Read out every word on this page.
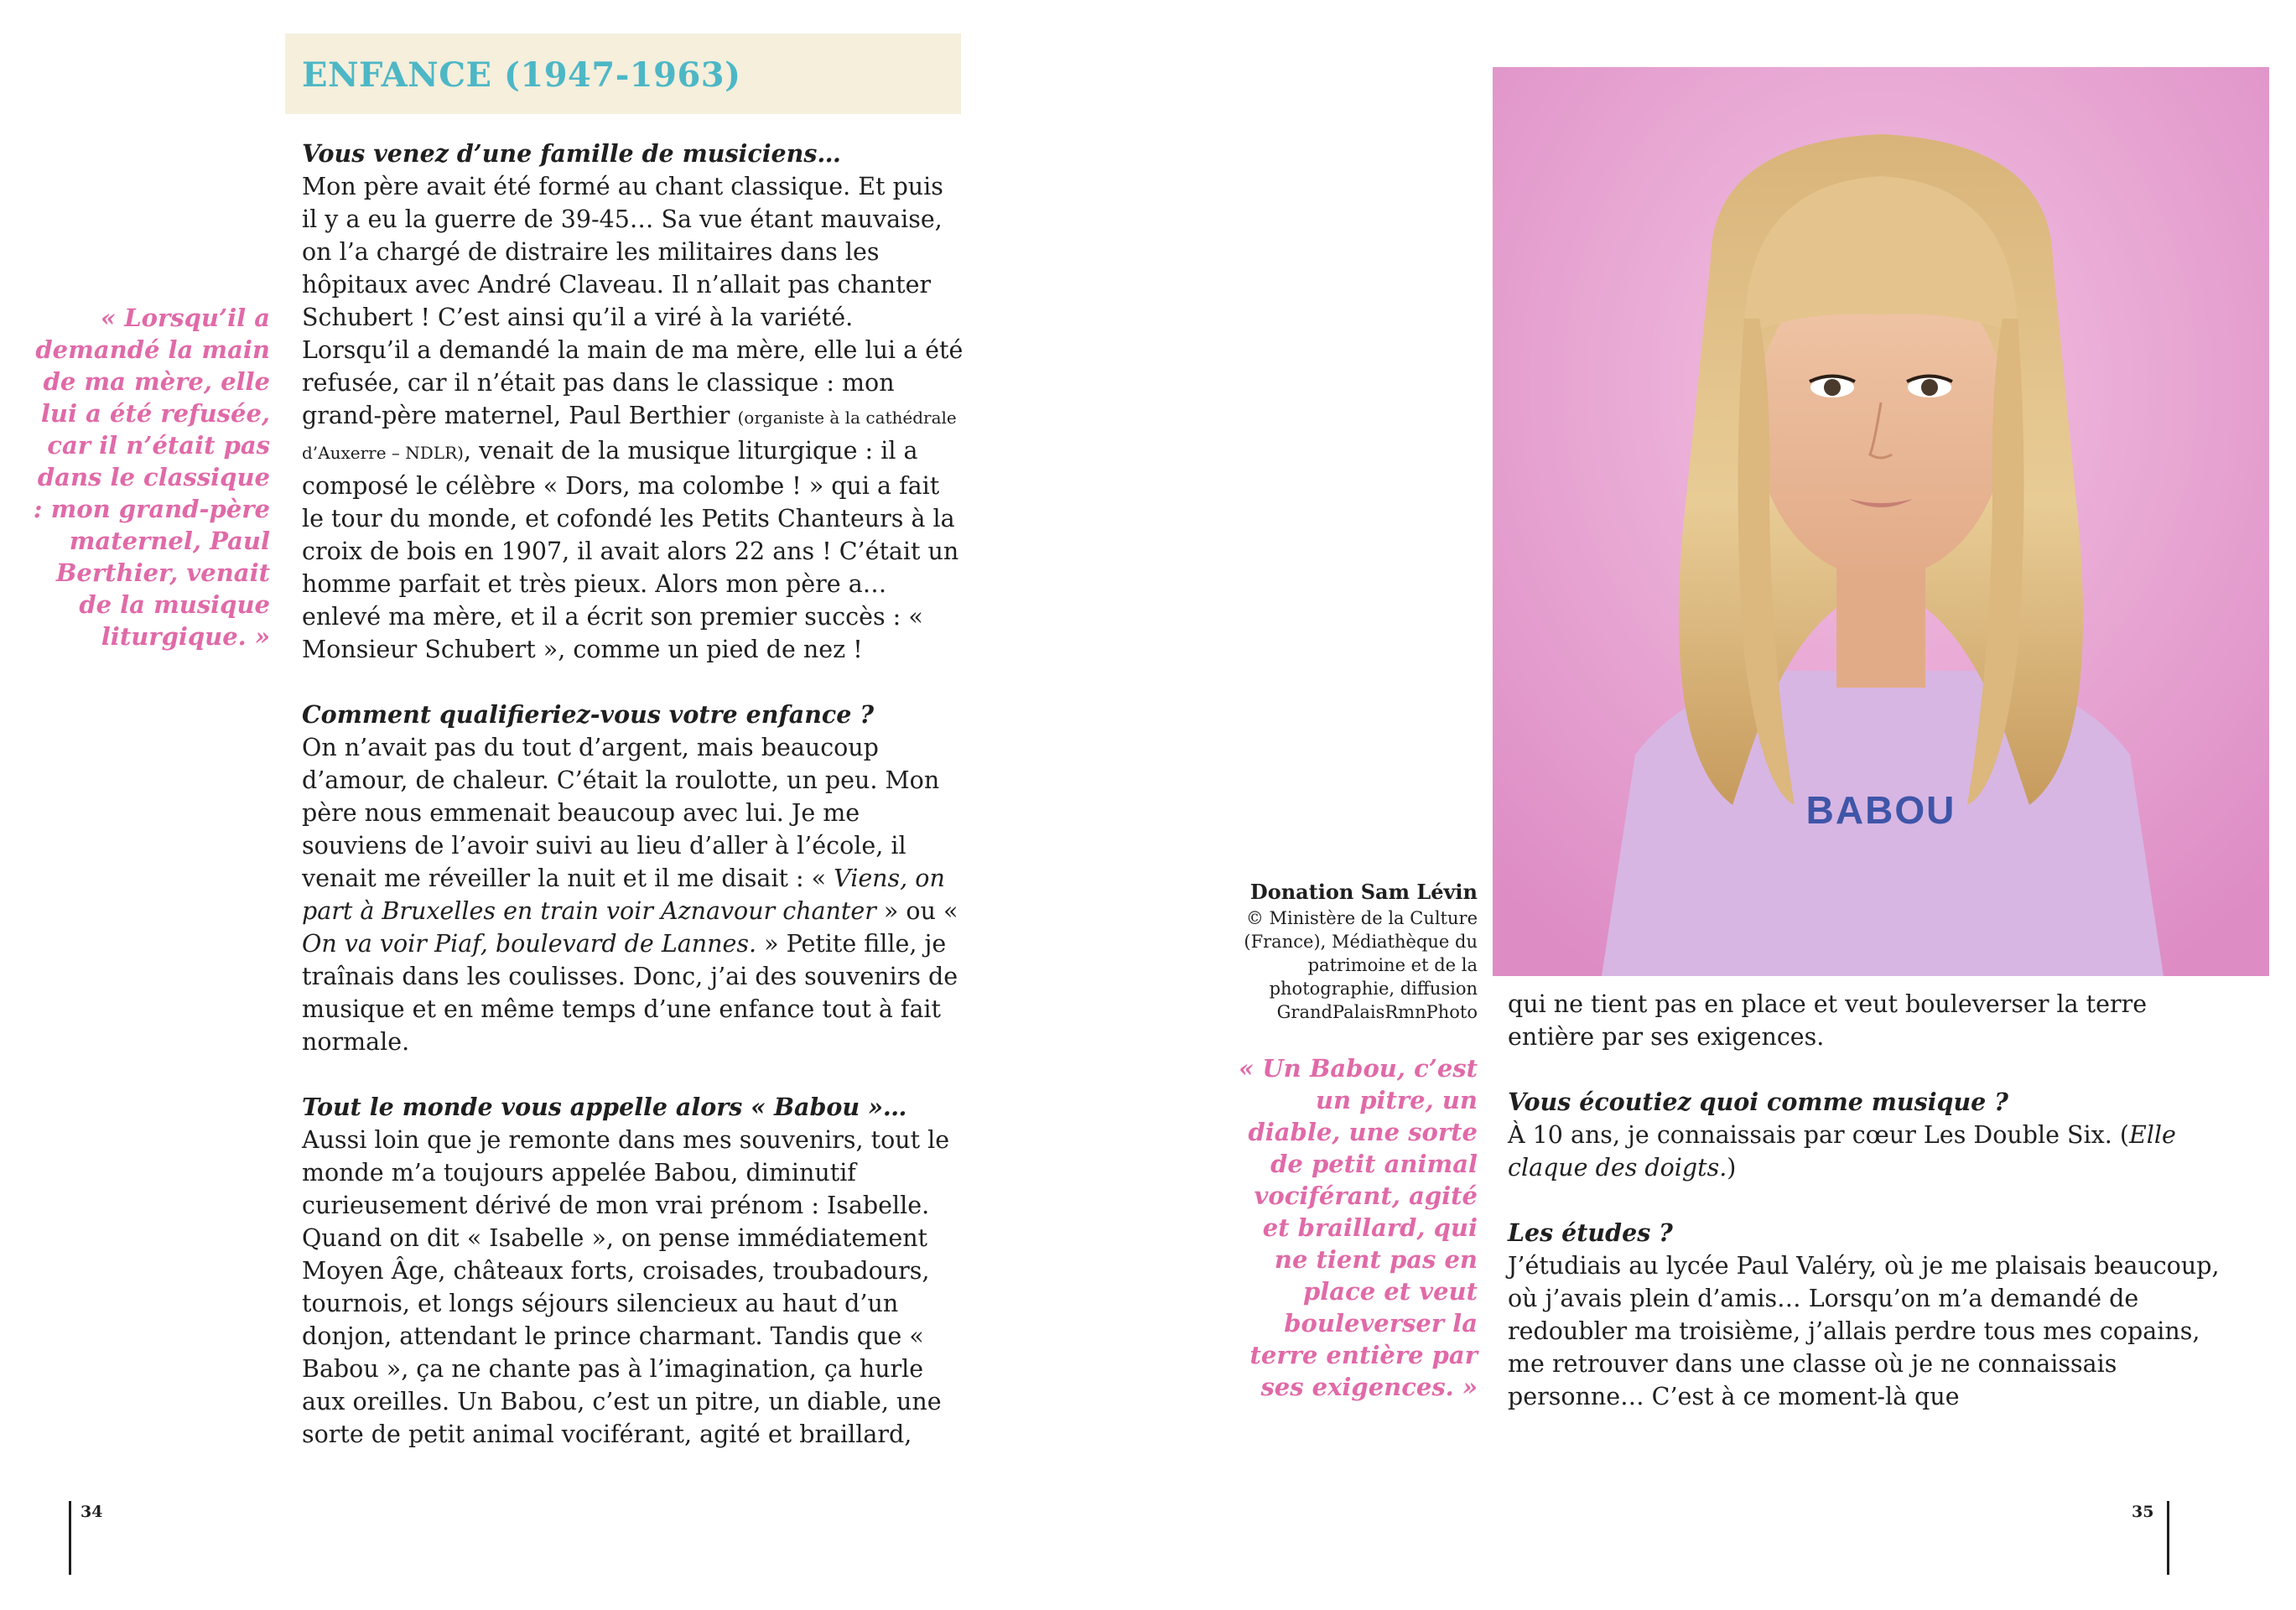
ENFANCE (1947-1963)
« Lorsqu’il a demandé la main de ma mère, elle lui a été refusée, car il n’était pas dans le classique : mon grand-père maternel, Paul Berthier, venait de la musique liturgique. »

Vous venez d’une famille de musiciens…
Mon père avait été formé au chant classique. Et puis il y a eu la guerre de 39-45… Sa vue étant mauvaise, on l’a chargé de distraire les militaires dans les hôpitaux avec André Claveau. Il n’allait pas chanter Schubert ! C’est ainsi qu’il a viré à la variété. Lorsqu’il a demandé la main de ma mère, elle lui a été refusée, car il n’était pas dans le classique : mon grand-père maternel, Paul Berthier (organiste à la cathédrale d’Auxerre – NDLR), venait de la musique liturgique : il a composé le célèbre « Dors, ma colombe ! » qui a fait le tour du monde, et cofondé les Petits Chanteurs à la croix de bois en 1907, il avait alors 22 ans ! C’était un homme parfait et très pieux. Alors mon père a… enlevé ma mère, et il a écrit son premier succès : « Monsieur Schubert », comme un pied de nez !

Comment qualifieriez-vous votre enfance ?
On n’avait pas du tout d’argent, mais beaucoup d’amour, de chaleur. C’était la roulotte, un peu. Mon père nous emmenait beaucoup avec lui. Je me souviens de l’avoir suivi au lieu d’aller à l’école, il venait me réveiller la nuit et il me disait : « Viens, on part à Bruxelles en train voir Aznavour chanter » ou « On va voir Piaf, boulevard de Lannes. » Petite fille, je traînais dans les coulisses. Donc, j’ai des souvenirs de musique et en même temps d’une enfance tout à fait normale.

Tout le monde vous appelle alors « Babou »…
Aussi loin que je remonte dans mes souvenirs, tout le monde m’a toujours appelée Babou, diminutif curieusement dérivé de mon vrai prénom : Isabelle. Quand on dit « Isabelle », on pense immédiatement Moyen Âge, châteaux forts, croisades, troubadours, tournois, et longs séjours silencieux au haut d’un donjon, attendant le prince charmant. Tandis que « Babou », ça ne chante pas à l’imagination, ça hurle aux oreilles. Un Babou, c’est un pitre, un diable, une sorte de petit animal vociférant, agité et braillard,

34
BABOU
Donation Sam Lévin
© Ministère de la Culture (France), Médiathèque du patrimoine et de la photographie, diffusion GrandPalaisRmnPhoto
« Un Babou, c’est un pitre, un diable, une sorte de petit animal vociférant, agité et braillard, qui ne tient pas en place et veut bouleverser la terre entière par ses exigences. »

qui ne tient pas en place et veut bouleverser la terre entière par ses exigences.

Vous écoutiez quoi comme musique ?
À 10 ans, je connaissais par cœur Les Double Six. (Elle claque des doigts.)

Les études ?
J’étudiais au lycée Paul Valéry, où je me plaisais beaucoup, où j’avais plein d’amis… Lorsqu’on m’a demandé de redoubler ma troisième, j’allais perdre tous mes copains, me retrouver dans une classe où je ne connaissais personne… C’est à ce moment-là que

35
